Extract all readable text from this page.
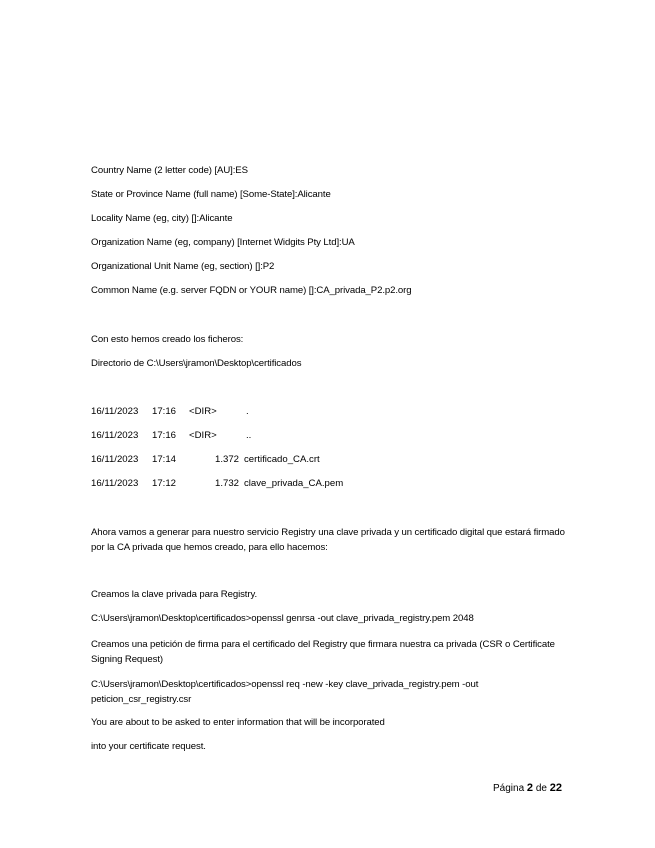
Country Name (2 letter code) [AU]:ES
State or Province Name (full name) [Some-State]:Alicante
Locality Name (eg, city) []:Alicante
Organization Name (eg, company) [Internet Widgits Pty Ltd]:UA
Organizational Unit Name (eg, section) []:P2
Common Name (e.g. server FQDN or YOUR name) []:CA_privada_P2.p2.org
Con esto hemos creado los ficheros:
Directorio de C:\Users\jramon\Desktop\certificados
16/11/2023 17:16 <DIR>	.
16/11/2023 17:16 <DIR>	..
16/11/2023 17:14	1.372 certificado_CA.crt
16/11/2023 17:12	1.732 clave_privada_CA.pem
Ahora vamos a generar para nuestro servicio Registry una clave privada y un certificado digital que estará firmado por la CA privada que hemos creado, para ello hacemos:
Creamos la clave privada para Registry.
C:\Users\jramon\Desktop\certificados>openssl genrsa -out clave_privada_registry.pem 2048
Creamos una petición de firma para el certificado del Registry que firmara nuestra ca privada (CSR o Certificate Signing Request)
C:\Users\jramon\Desktop\certificados>openssl req -new -key clave_privada_registry.pem -out peticion_csr_registry.csr
You are about to be asked to enter information that will be incorporated
into your certificate request.
Página 2 de 22
